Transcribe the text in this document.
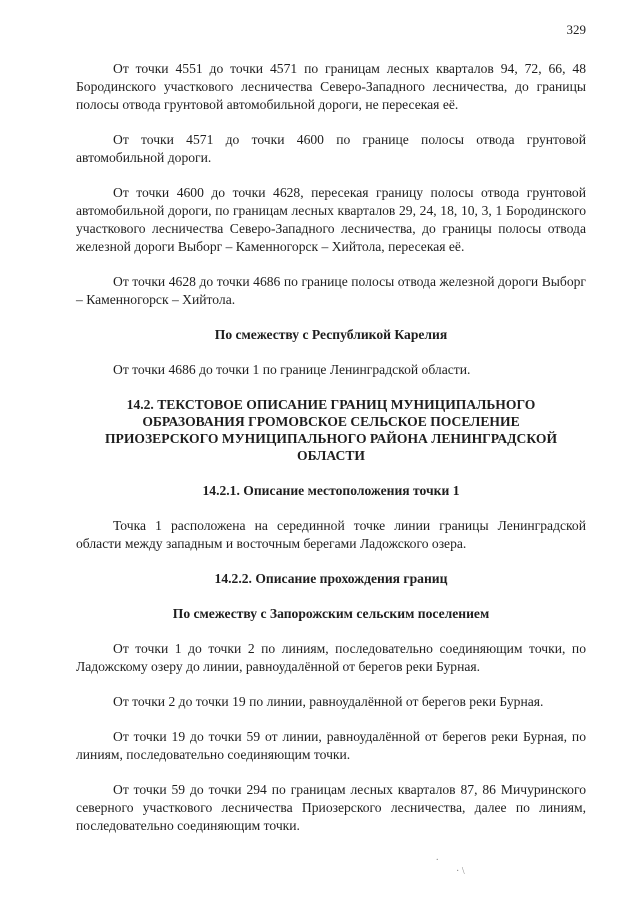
329

От точки 4551 до точки 4571 по границам лесных кварталов 94, 72, 66, 48 Бородинского участкового лесничества Северо-Западного лесничества, до границы полосы отвода грунтовой автомобильной дороги, не пересекая её.

От точки 4571 до точки 4600 по границе полосы отвода грунтовой автомобильной дороги.

От точки 4600 до точки 4628, пересекая границу полосы отвода грунтовой автомобильной дороги, по границам лесных кварталов 29, 24, 18, 10, 3, 1 Бородинского участкового лесничества Северо-Западного лесничества, до границы полосы отвода железной дороги Выборг – Каменногорск – Хийтола, пересекая её.

От точки 4628 до точки 4686 по границе полосы отвода железной дороги Выборг – Каменногорск – Хийтола.

По смежеству с Республикой Карелия

От точки 4686 до точки 1 по границе Ленинградской области.

14.2. ТЕКСТОВОЕ ОПИСАНИЕ ГРАНИЦ МУНИЦИПАЛЬНОГО ОБРАЗОВАНИЯ ГРОМОВСКОЕ СЕЛЬСКОЕ ПОСЕЛЕНИЕ ПРИОЗЕРСКОГО МУНИЦИПАЛЬНОГО РАЙОНА ЛЕНИНГРАДСКОЙ ОБЛАСТИ
14.2.1. Описание местоположения точки 1

Точка 1 расположена на серединной точке линии границы Ленинградской области между западным и восточным берегами Ладожского озера.

14.2.2. Описание прохождения границ
По смежеству с Запорожским сельским поселением

От точки 1 до точки 2 по линиям, последовательно соединяющим точки, по Ладожскому озеру до линии, равноудалённой от берегов реки Бурная.

От точки 2 до точки 19 по линии, равноудалённой от берегов реки Бурная.

От точки 19 до точки 59 от линии, равноудалённой от берегов реки Бурная, по линиям, последовательно соединяющим точки.

От точки 59 до точки 294 по границам лесных кварталов 87, 86 Мичуринского северного участкового лесничества Приозерского лесничества, далее по линиям, последовательно соединяющим точки.

.
· \
